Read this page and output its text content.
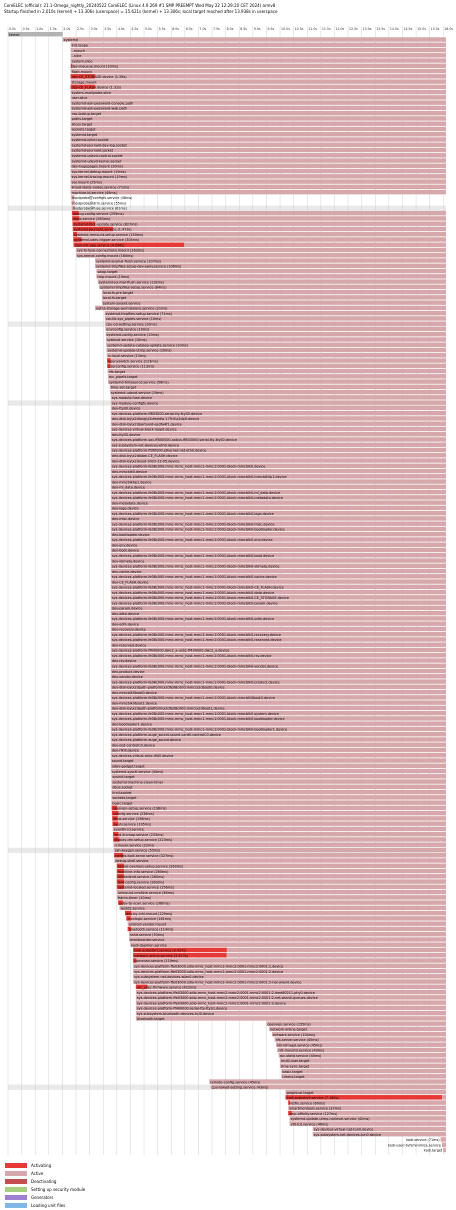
CoreELEC (official): 21.1-Omega_nightly_20240522 CoreELEC (Linux 4.9.269 #1 SMP PREEMPT Wed May 22 12:29:20 CET 2024) armv8
Startup finished in 2.010s (kernel) + 13.306s (userspace) = 15.621s (kernel) + 13.306s; local target reached after 13.938s in userspace
0.0s 0.5s 1.0s 1.5s 2.0s 2.5s 3.0s 3.5s 4.0s 4.5s 5.0s 5.5s 6.0s 6.5s 7.0s 7.5s 8.0s 8.5s 9.0s 9.5s 10.0s 10.5s 11.0s 11.5s 12.0s 12.5s 13.0s 13.5s 14.0s 14.5s 15.0s 15.5s 16.0s
kernel
systemd
init.scope
-.mount
-.slice
system.slice
dev-mqueue.mount (10ms)
flash.mount
dev-CE_STORAGE.device (1.28s)
storage.mount
dev-CE_FLASH.device (1.31s)
system-modprobe.slice
user.slice
systemd-ask-password-console.path
systemd-ask-password-wall.path
nss-lookup.target
paths.target
slices.target
sockets.target
systemd.target
systemd-initctl.socket
systemd-journald-dev-log.socket
systemd-journald.socket
systemd-udevd-control.socket
systemd-udevd-kernel.socket
dev-hugepages.mount (20ms)
sys-kernel-debug.mount (19ms)
sys-kernel-tracing.mount (19ms)
var.mount (25ms)
kmod-static-nodes.service (71ms)
machine-id.service (49ms)
modprobe@configfs.service (48ms)
modprobe@drm.service (55ms)
modprobe@fuse.service (61ms)
debug-config.service (259ms)
depx.service (263ms)
systemd-fsck-update.service (827ms)
systemd-journald.service (1.473s)
systemd-remount-setup.service (150ms)
systemd-udev-trigger.service (304ms)
mali-init-opp.service (4.056s)
sys-fs-fuse-connections.mount (163ms)
sys-kernel-config.mount (160ms)
systemd-journal-flush.service (107ms)
systemd-tmpfiles-setup-dev-early.service (106ms)
swap.target
tmp.mount (10ms)
systemd-journal-flush.service (118ms)
systemd-tmpfiles-setup.service (84ms)
local-fs-pre.target
local-fs.target
system-sysext.service
netns-storage-permissions.service (21ms)
systemd-tmpfiles-setup.service (71ms)
var-lib-sys_pipefs.service (10ms)
cpu-cd-setting.service (10ms)
envconfig.service (10ms)
systemd-config.service (10ms)
syslocal.service (10ms)
systemd-update-catalog-update.service (10ms)
systemd-update-utmp.service (10ms)
rc-local.service (10ms)
openvswitch.service (123ms)
userconfig.service (113ms)
nfs.target
rpc_pipefs.target
systemd-timesyncd.service (56ms)
time-set.target
systemd-udevd.service (19ms)
sys-module-fuse.device
sys-module-configfs.device
dev-ttyS0.device
sys-devices-platform-ff803000.serial-tty-ttyS0.device
dev-disk-by\x2dlong\x2dmedia-179:0\x2dp0.device
dev-disk-by\x2dpartuuid-ea3fa4f1.device
sys-devices-virtual-block-loop0.device
dev-ttyS0.device
sys-devices-platform-soc-ff800000.aobus-ff803000.serial-tty-ttyS0.device
sys-subsystem-net-devices-eth0.device
sys-devices-platform-ff3f0000.ethernet-net-eth0.device
dev-disk-by\x2dlabel-CE_FLASH.device
dev-disk-by\x2duuid-2022-12-05.device
sys-devices-platform-fe08c000.mmc-mmc_host-mmc1-mmc1:0001-block-mmcblk0.device
dev-mmcblk0.device
sys-devices-platform-fe08c000.mmc-mmc_host-mmc1-mmc1:0001-block-mmcblk0-mmcblk0p1.device
dev-mmcblk0p1.device
dev-ml_data.device
sys-devices-platform-fe08c000.mmc-mmc_host-mmc1-mmc1:0001-block-mmcblk0-ml_data.device
sys-devices-platform-fe08c000.mmc-mmc_host-mmc1-mmc1:0001-block-mmcblk0-metadata.device
dev-metadata.device
dev-logo.device
sys-devices-platform-fe08c000.mmc-mmc_host-mmc1-mmc1:0001-block-mmcblk0-logo.device
dev-misc.device
sys-devices-platform-fe08c000.mmc-mmc_host-mmc1-mmc1:0001-block-mmcblk0-misc.device
sys-devices-platform-fe08c000.mmc-mmc_host-mmc1-mmc1:0001-block-mmcblk0-bootloader.device
dev-bootloader.device
sys-devices-platform-fe08c000.mmc-mmc_host-mmc1-mmc1:0001-block-mmcblk0-env.device
dev-env.device
dev-boot.device
sys-devices-platform-fe08c000.mmc-mmc_host-mmc1-mmc1:0001-block-mmcblk0-boot.device
dev-vbmeta.device
sys-devices-platform-fe08c000.mmc-mmc_host-mmc1-mmc1:0001-block-mmcblk0-vbmeta.device
dev-cache.device
sys-devices-platform-fe08c000.mmc-mmc_host-mmc1-mmc1:0001-block-mmcblk0-cache.device
dev-CE_FLASH.device
sys-devices-platform-fe08c000.mmc-mmc_host-mmc1-mmc1:0001-block-mmcblk0-CE_FLASH.device
sys-devices-platform-fe08c000.mmc-mmc_host-mmc1-mmc1:0001-block-mmcblk0-data.device
sys-devices-platform-fe08c000.mmc-mmc_host-mmc1-mmc1:0001-block-mmcblk0-CE_STORAGE.device
sys-devices-platform-fe08c000.mmc-mmc_host-mmc1-mmc1:0001-block-mmcblk0-param.device
dev-param.device
dev-data.device
sys-devices-platform-fe08c000.mmc-mmc_host-mmc1-mmc1:0001-block-mmcblk0-odm.device
dev-odm.device
dev-recovery.device
sys-devices-platform-fe08c000.mmc-mmc_host-mmc1-mmc1:0001-block-mmcblk0-recovery.device
sys-devices-platform-fe08c000.mmc-mmc_host-mmc1-mmc1:0001-block-mmcblk0-reserved.device
dev-reserved.device
sys-devices-platform-ff400000.dwc2_a-usb1-ff400000.dwc2_a.device
sys-devices-platform-fe08c000.mmc-mmc_host-mmc1-mmc1:0001-block-mmcblk0-rsv.device
dev-rsv.device
sys-devices-platform-fe08c000.mmc-mmc_host-mmc1-mmc1:0001-block-mmcblk0-vendor.device
dev-product.device
dev-vendor.device
sys-devices-platform-fe08c000.mmc-mmc_host-mmc1-mmc1:0001-block-mmcblk0-product.device
dev-disk-by\x2dpath-platform\x2dfe08c000.mmc\x2dboot0.device
dev-mmcblk0boot0.device
sys-devices-platform-fe08c000.mmc-mmc_host-mmc1-mmc1:0001-block-mmcblk0boot0.device
dev-mmcblk0boot1.device
dev-disk-by\x2dpath-platform\x2dfe08c000.mmc\x2dboot1.device
sys-devices-platform-fe08c000.mmc-mmc_host-mmc1-mmc1:0001-block-mmcblk0-system.device
sys-devices-platform-fe08c000.mmc-mmc_host-mmc1-mmc1:0001-block-mmcblk0-bootloader.device
dev-bootloader1.device
sys-devices-platform-fe08c000.mmc-mmc_host-mmc1-mmc1:0001-block-mmcblk0-bootloader1.device
sys-devices-platform-auge_sound-sound-card0-controlC0.device
sys-devices-platform-auge_sound.device
dev-snd-controlC0.device
dev-rfkill.device
sys-devices-virtual-misc-rfkill.device
sound.target
udev-gadget.target
systemd-sysctl.service (44ms)
sysinit.target
systemd-machine-clean-timer
dbus.socket
lircd.socket
sockets.target
basic.target
openvpn-setup.service (198ms)
usercfg.service (236ms)
dbus.service (198ms)
avahi.service (195ms)
eventlircd.service
lircd-lircmap.service (203ms)
display-dm-setup.service (223ms)
rcmuser.service (22ms)
ssh-keygen.service (55ms)
nodejs-kodi-serve.service (327ms)
debug-shell.service
kernel-overlays-setup.service (263ms)
machine-info.service (260ms)
tvheadend.service (260ms)
dvd-config.service (263ms)
systemd-localed.service (256ms)
unmount-cmdline.service (46ms)
fstrim.timer (10ms)
udev-to-scan.service (166ms)
wsdd2.service
dev-by-inhl-mount (229ms)
cronlogic.service (161ms)
android-vendor.mount
bluetooth.service (114ms)
sshd.service (53ms)
mediacenter.service
kodi-daemon.service
kodi-autostart.service (3.437s)
network-online.service (3.427s)
connman.service (119ms)
sys-devices-platform-ffe03000.sdio-mmc_host-mmc2-mmc2:0001-mmc2:0001:1.device
sys-devices-platform-ffe03000.sdio-mmc_host-mmc2-mmc2:0001-mmc2:0001:2.device
sys-subsystem-net-devices-wlan0.device
sys-devices-platform-ffe03000.sdio-mmc_host-mmc2-mmc2:0001-mmc2:0001:2-net-wlan0.device
mc_vdec.firmware.service (422ms)
sys-devices-platform-ffe03000.sdio-mmc_host-mmc2-mmc2:0001-mmc2:0001:2-ieee80211-phy0.device
sys-devices-platform-ffe03000.sdio-mmc_host-mmc2-mmc2:0001-mmc2:0001:2-net-wlan0-queues.device
sys-devices-platform-ffe03000.sdio-mmc_host-mmc2-mmc2:0001-mmc2:0001:3.device
sys-devices-platform-ff400000.serial-tty-ttyS1.device
sys-subsystem-bluetooth-devices-hci0.device
bluetooth.target
openvpn.service (155ms)
network-online.target
entware.service (104ms)
nfs-server.service (45ms)
nfs-idmapd.service (45ms)
nfs-mountd.service (43ms)
rpc-statd.service (45ms)
multi-user.target
time-sync.target
basic.target
timers.target
remote-config.service (45ms)
cpu-iowait-setting.service (43ms)
graphical.target
kodi-autostart.service (7.180s)
netfix.service (60ms)
smartmontools.service (37ms)
smp-affinity.service (127ms)
systemd-update-utmp-runlevel.service (42ms)
vfd-lcd.service (46ms)
sys-devices-virtual-net-tun0.device
sys-subsystem-net-devices-tun0.device
kodi.service (71ms)
kodi-userr-tvfsminimize.service
kodi.target
Activating
Active
Deactivating
Setting up security module
Generators
Loading unit files
